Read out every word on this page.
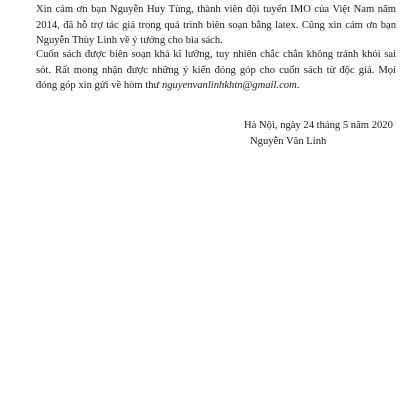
Xin cảm ơn bạn Nguyễn Huy Tùng, thành viên đội tuyển IMO của Việt Nam năm 2014, đã hỗ trợ tác giả trong quá trình biên soạn bằng latex. Cũng xin cảm ơn bạn Nguyễn Thùy Linh về ý tưởng cho bìa sách.

Cuốn sách được biên soạn khá kĩ lưỡng, tuy nhiên chắc chắn không tránh khỏi sai sót. Rất mong nhận được những ý kiến đóng góp cho cuốn sách từ độc giả. Mọi đóng góp xin gửi về hòm thư nguyenvanlinhkhtn@gmail.com.

Hà Nội, ngày 24 tháng 5 năm 2020
Nguyễn Văn Linh
